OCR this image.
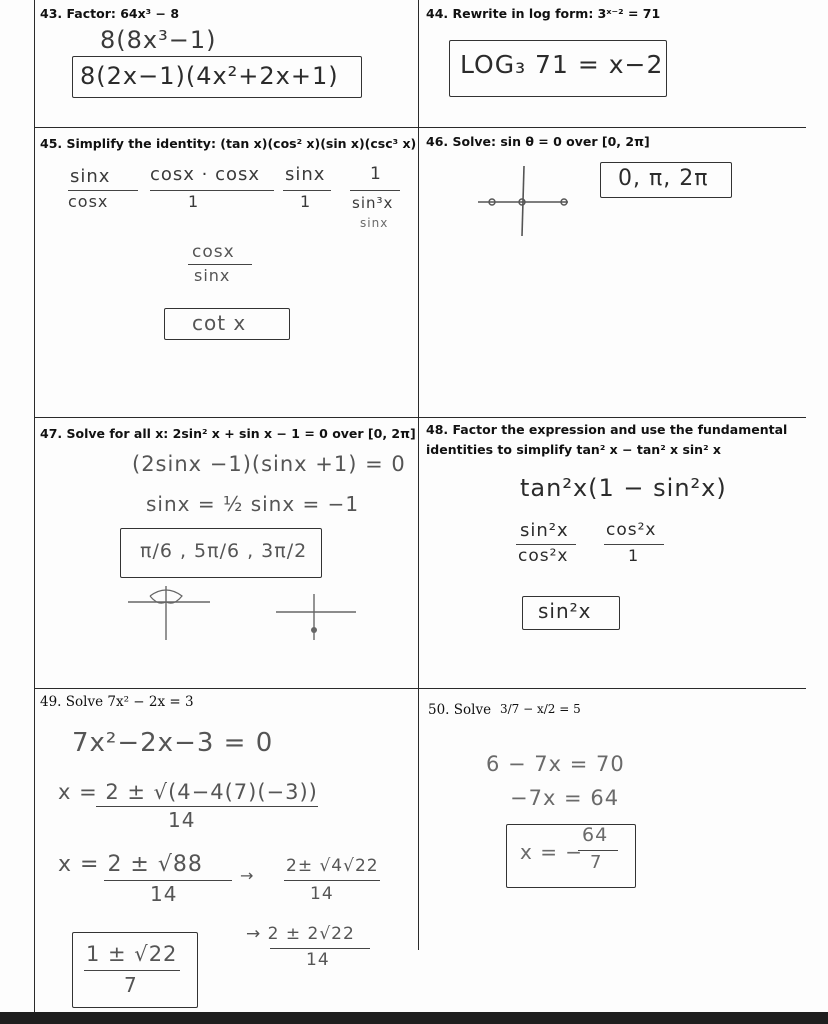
43. Factor: 64x³ − 8
8(8x³−1)
8(2x−1)(4x²+2x+1)
44. Rewrite in log form: 3ˣ⁻² = 71
LOG₃ 71 = x−2
45. Simplify the identity: (tan x)(cos² x)(sin x)(csc³ x)
sinx
cosx
cosx · cosx
1
sinx
1
1
sin³x
sinx
cosx
sinx
cot x
46. Solve: sin θ = 0 over [0, 2π]
0, π, 2π
47. Solve for all x: 2sin² x + sin x − 1 = 0 over [0, 2π]
(2sinx −1)(sinx +1) = 0
sinx = ½ sinx = −1
π/6 , 5π/6 , 3π/2
48. Factor the expression and use the fundamental
identities to simplify tan² x − tan² x sin² x
tan²x(1 − sin²x)
sin²x
cos²x
cos²x
1
sin²x
49. Solve 7x² − 2x = 3
7x²−2x−3 = 0
x = 2 ± √(4−4(7)(−3))
14
x = 2 ± √88
14
→ 2± √4√22
14
→ 2 ± 2√22
14
1 ± √22
7
50. Solve 3/7 − x/2 = 5
6 − 7x = 70
−7x = 64
x = −
64
7
